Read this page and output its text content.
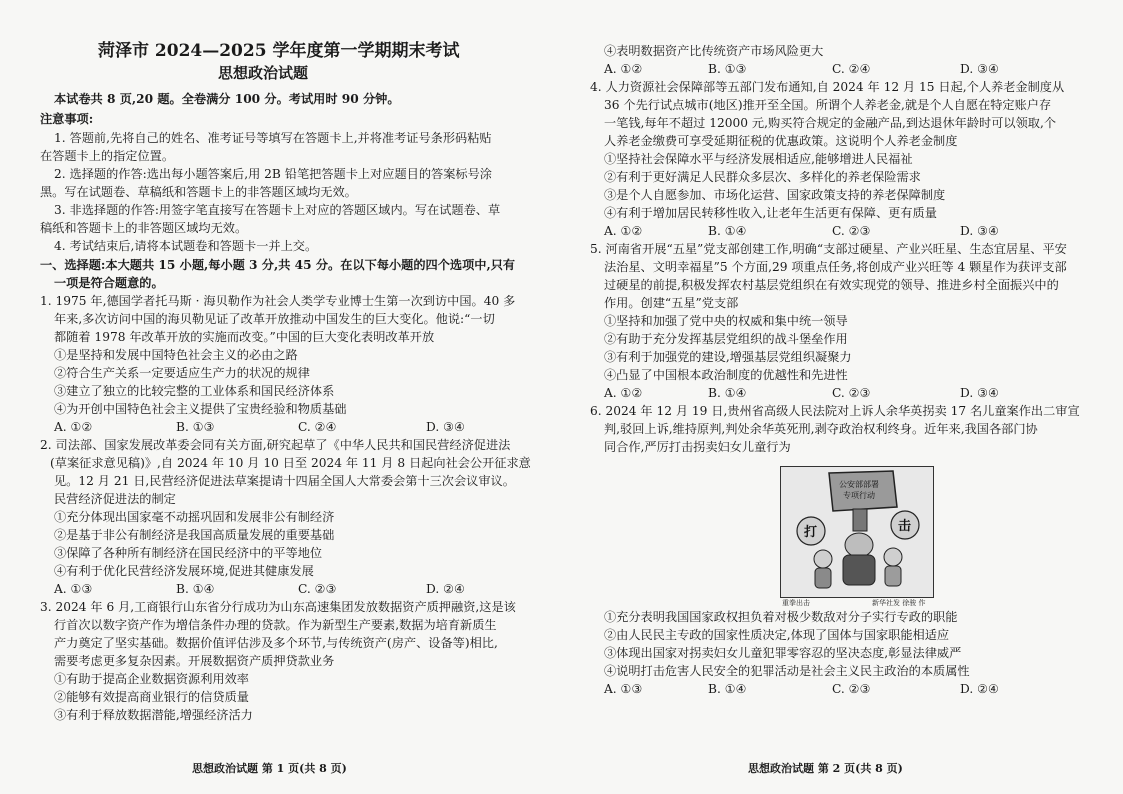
菏泽市 2024—2025 学年度第一学期期末考试
思想政治试题
本试卷共 8 页,20 题。全卷满分 100 分。考试用时 90 分钟。
注意事项:
1. 答题前,先将自己的姓名、准考证号等填写在答题卡上,并将准考证号条形码粘贴
在答题卡上的指定位置。
2. 选择题的作答:选出每小题答案后,用 2B 铅笔把答题卡上对应题目的答案标号涂
黑。写在试题卷、草稿纸和答题卡上的非答题区域均无效。
3. 非选择题的作答:用签字笔直接写在答题卡上对应的答题区域内。写在试题卷、草
稿纸和答题卡上的非答题区域均无效。
4. 考试结束后,请将本试题卷和答题卡一并上交。
一、选择题:本大题共 15 小题,每小题 3 分,共 45 分。在以下每小题的四个选项中,只有
一项是符合题意的。
1. 1975 年,德国学者托马斯 · 海贝勒作为社会人类学专业博士生第一次到访中国。40 多
年来,多次访问中国的海贝勒见证了改革开放推动中国发生的巨大变化。他说:“一切
都随着 1978 年改革开放的实施而改变。”中国的巨大变化表明改革开放
①是坚持和发展中国特色社会主义的必由之路
②符合生产关系一定要适应生产力的状况的规律
③建立了独立的比较完整的工业体系和国民经济体系
④为开创中国特色社会主义提供了宝贵经验和物质基础
A. ①②	B. ①③	C. ②④	D. ③④
2. 司法部、国家发展改革委会同有关方面,研究起草了《中华人民共和国民营经济促进法
(草案征求意见稿)》,自 2024 年 10 月 10 日至 2024 年 11 月 8 日起向社会公开征求意
见。12 月 21 日,民营经济促进法草案提请十四届全国人大常委会第十三次会议审议。
民营经济促进法的制定
①充分体现出国家毫不动摇巩固和发展非公有制经济
②是基于非公有制经济是我国高质量发展的重要基础
③保障了各种所有制经济在国民经济中的平等地位
④有利于优化民营经济发展环境,促进其健康发展
A. ①③	B. ①④	C. ②③	D. ②④
3. 2024 年 6 月,工商银行山东省分行成功为山东高速集团发放数据资产质押融资,这是该
行首次以数字资产作为增信条件办理的贷款。作为新型生产要素,数据为培育新质生
产力奠定了坚实基础。数据价值评估涉及多个环节,与传统资产(房产、设备等)相比,
需要考虑更多复杂因素。开展数据资产质押贷款业务
①有助于提高企业数据资源利用效率
②能够有效提高商业银行的信贷质量
③有利于释放数据潜能,增强经济活力
思想政治试题 第 1 页(共 8 页)
④表明数据资产比传统资产市场风险更大
A. ①②	B. ①③	C. ②④	D. ③④
4. 人力资源社会保障部等五部门发布通知,自 2024 年 12 月 15 日起,个人养老金制度从
36 个先行试点城市(地区)推开至全国。所谓个人养老金,就是个人自愿在特定账户存
一笔钱,每年不超过 12000 元,购买符合规定的金融产品,到达退休年龄时可以领取,个
人养老金缴费可享受延期征税的优惠政策。这说明个人养老金制度
①坚持社会保障水平与经济发展相适应,能够增进人民福祉
②有利于更好满足人民群众多层次、多样化的养老保险需求
③是个人自愿参加、市场化运营、国家政策支持的养老保障制度
④有利于增加居民转移性收入,让老年生活更有保障、更有质量
A. ①②	B. ①④	C. ②③	D. ③④
5. 河南省开展“五星”党支部创建工作,明确“支部过硬星、产业兴旺星、生态宜居星、平安
法治星、文明幸福星”5 个方面,29 项重点任务,将创成产业兴旺等 4 颗星作为获评支部
过硬星的前提,积极发挥农村基层党组织在有效实现党的领导、推进乡村全面振兴中的
作用。创建“五星”党支部
①坚持和加强了党中央的权威和集中统一领导
②有助于充分发挥基层党组织的战斗堡垒作用
③有利于加强党的建设,增强基层党组织凝聚力
④凸显了中国根本政治制度的优越性和先进性
A. ①②	B. ①④	C. ②③	D. ③④
6. 2024 年 12 月 19 日,贵州省高级人民法院对上诉人余华英拐卖 17 名儿童案作出二审宣
判,驳回上诉,维持原判,判处余华英死刑,剥夺政治权利终身。近年来,我国各部门协
同合作,严厉打击拐卖妇女儿童行为
公安部部署 专项行动
打	击
重拳出击	新华社发 徐骏 作
①充分表明我国国家政权担负着对极少数敌对分子实行专政的职能
②由人民民主专政的国家性质决定,体现了国体与国家职能相适应
③体现出国家对拐卖妇女儿童犯罪零容忍的坚决态度,彰显法律威严
④说明打击危害人民安全的犯罪活动是社会主义民主政治的本质属性
A. ①③	B. ①④	C. ②③	D. ②④
思想政治试题 第 2 页(共 8 页)
